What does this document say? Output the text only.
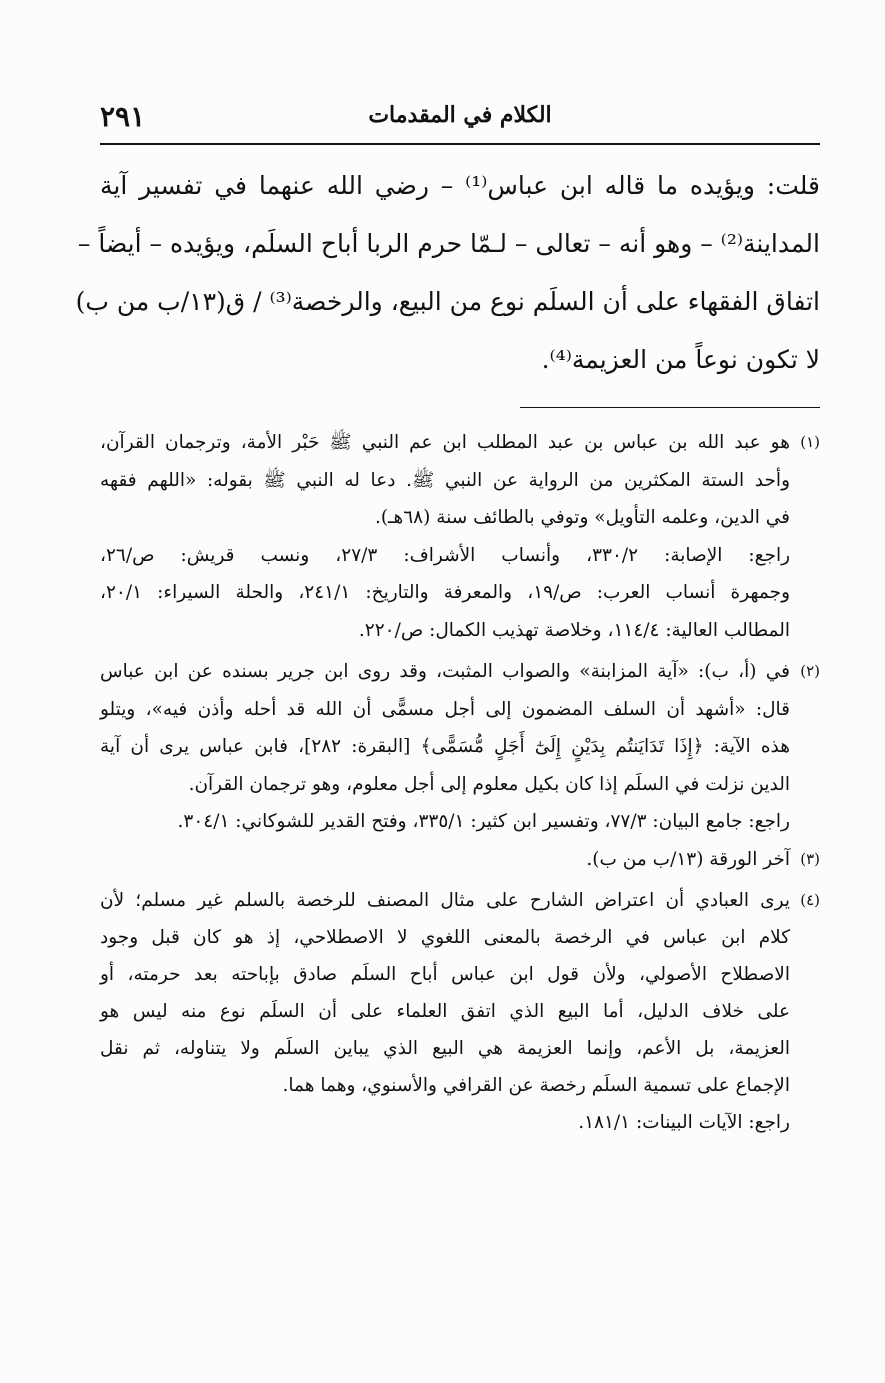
٢٩١	الكلام في المقدمات
قلت: ويؤيده ما قاله ابن عباس⁽¹⁾ – رضي الله عنهما في تفسير آية
المداينة⁽²⁾ – وهو أنه – تعالى – لـمّا حرم الربا أباح السلَم، ويؤيده – أيضاً –
اتفاق الفقهاء على أن السلَم نوع من البيع، والرخصة⁽³⁾ / ق(١٣/ب من ب)
لا تكون نوعاً من العزيمة⁽⁴⁾.
(١)
هو عبد الله بن عباس بن عبد المطلب ابن عم النبي ﷺ حَبْر الأمة، وترجمان القرآن،
وأحد الستة المكثرين من الرواية عن النبي ﷺ. دعا له النبي ﷺ بقوله: «اللهم فقهه
في الدين، وعلمه التأويل» وتوفي بالطائف سنة (٦٨هـ).
راجع: الإصابة: ٣٣٠/٢، وأنساب الأشراف: ٢٧/٣، ونسب قريش: ص/٢٦،
وجمهرة أنساب العرب: ص/١٩، والمعرفة والتاريخ: ٢٤١/١، والحلة السيراء: ٢٠/١،
المطالب العالية: ١١٤/٤، وخلاصة تهذيب الكمال: ص/٢٢٠.
(٢)
في (أ، ب): «آية المزابنة» والصواب المثبت، وقد روى ابن جرير بسنده عن ابن عباس
قال: «أشهد أن السلف المضمون إلى أجل مسمًّى أن الله قد أحله وأذن فيه»، ويتلو
هذه الآية: ﴿إِذَا تَدَايَنتُم بِدَيْنٍ إِلَىٰٓ أَجَلٍ مُّسَمًّى﴾ [البقرة: ٢٨٢]، فابن عباس يرى أن آية
الدين نزلت في السلَم إذا كان بكيل معلوم إلى أجل معلوم، وهو ترجمان القرآن.
راجع: جامع البيان: ٧٧/٣، وتفسير ابن كثير: ٣٣٥/١، وفتح القدير للشوكاني: ٣٠٤/١.
(٣)
آخر الورقة (١٣/ب من ب).
(٤)
يرى العبادي أن اعتراض الشارح على مثال المصنف للرخصة بالسلم غير مسلم؛ لأن
كلام ابن عباس في الرخصة بالمعنى اللغوي لا الاصطلاحي، إذ هو كان قبل وجود
الاصطلاح الأصولي، ولأن قول ابن عباس أباح السلَم صادق بإباحته بعد حرمته، أو
على خلاف الدليل، أما البيع الذي اتفق العلماء على أن السلَم نوع منه ليس هو
العزيمة، بل الأعم، وإنما العزيمة هي البيع الذي يباين السلَم ولا يتناوله، ثم نقل
الإجماع على تسمية السلَم رخصة عن القرافي والأسنوي، وهما هما.
راجع: الآيات البينات: ١٨١/١.
